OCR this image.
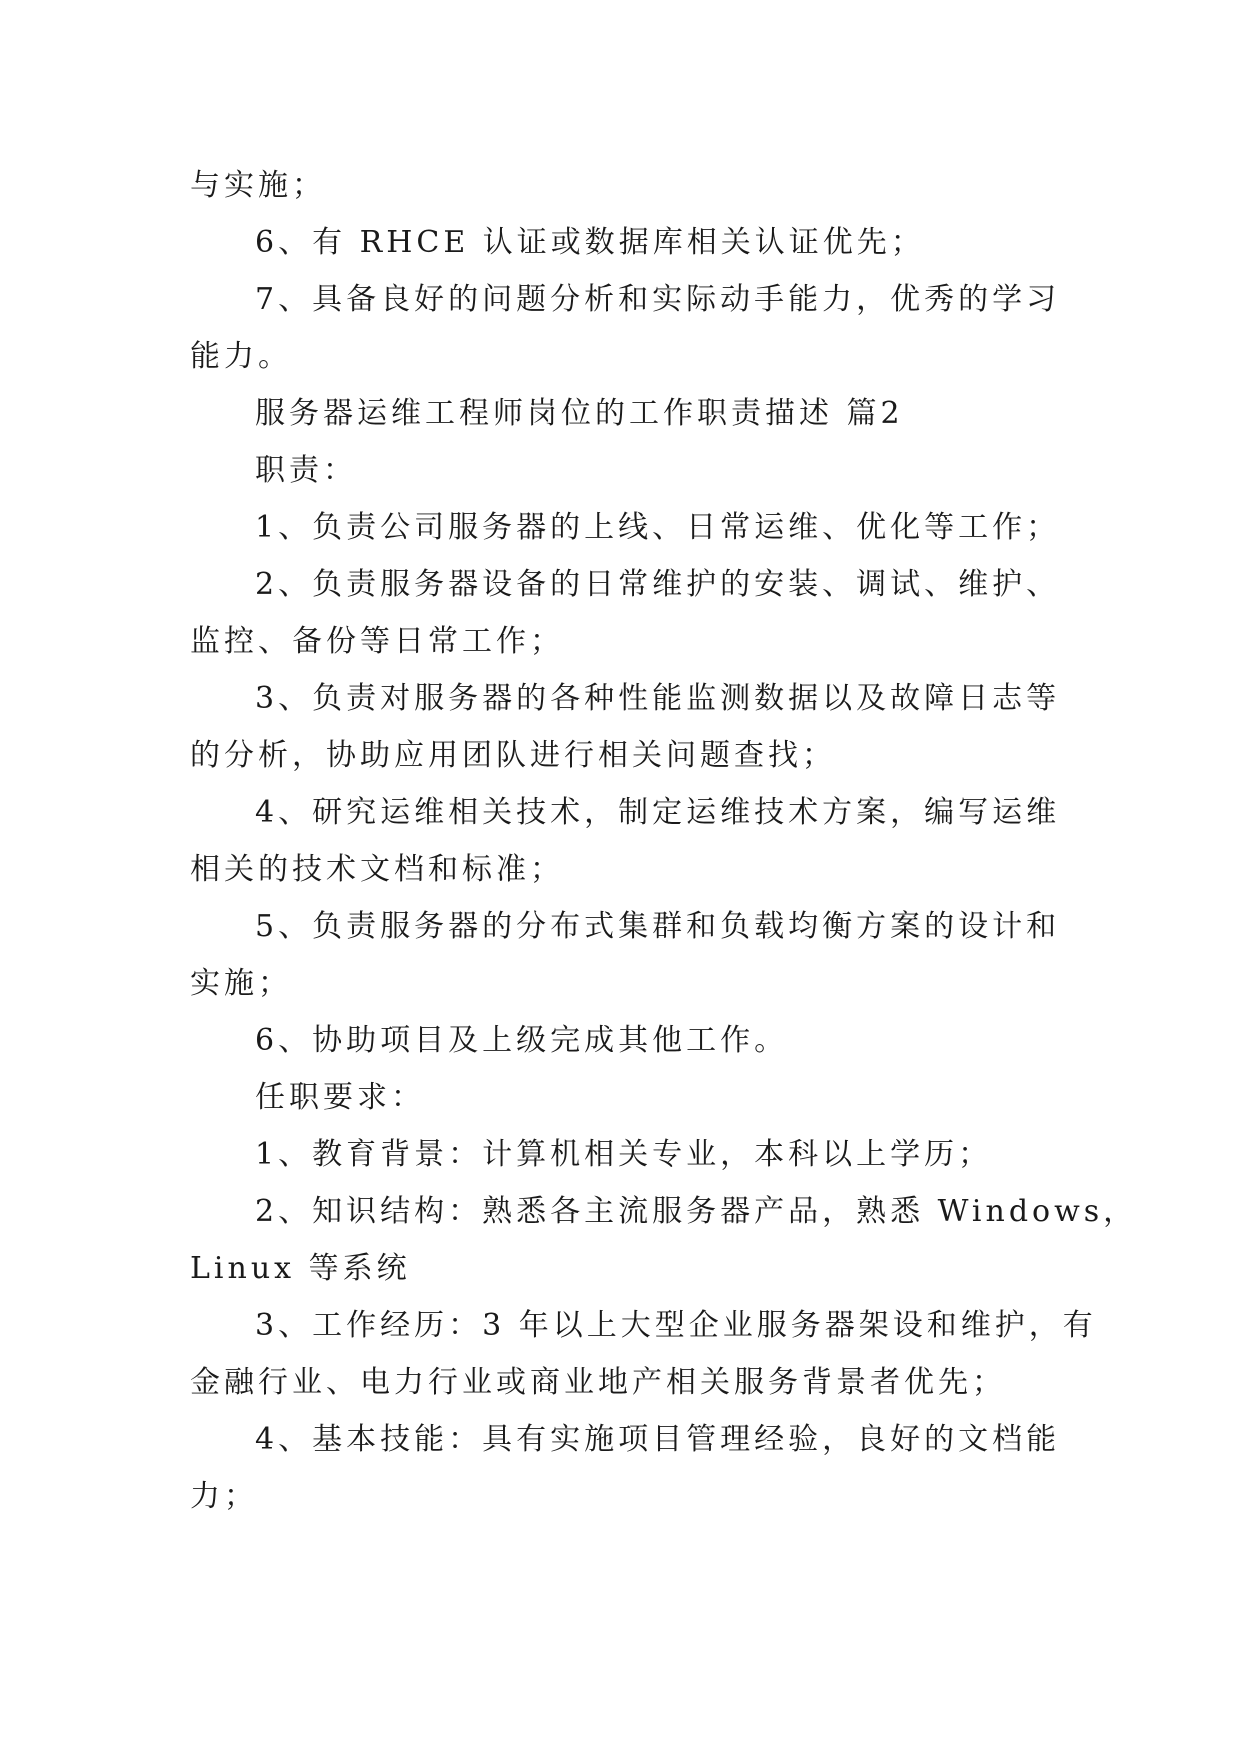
与实施；
6、有 RHCE 认证或数据库相关认证优先；
7、具备良好的问题分析和实际动手能力，优秀的学习
能力。
服务器运维工程师岗位的工作职责描述 篇2
职责：
1、负责公司服务器的上线、日常运维、优化等工作；
2、负责服务器设备的日常维护的安装、调试、维护、
监控、备份等日常工作；
3、负责对服务器的各种性能监测数据以及故障日志等
的分析，协助应用团队进行相关问题查找；
4、研究运维相关技术，制定运维技术方案，编写运维
相关的技术文档和标准；
5、负责服务器的分布式集群和负载均衡方案的设计和
实施；
6、协助项目及上级完成其他工作。
任职要求：
1、教育背景：计算机相关专业，本科以上学历；
2、知识结构：熟悉各主流服务器产品，熟悉 Windows，
Linux 等系统
3、工作经历：3 年以上大型企业服务器架设和维护，有
金融行业、电力行业或商业地产相关服务背景者优先；
4、基本技能：具有实施项目管理经验，良好的文档能
力；
